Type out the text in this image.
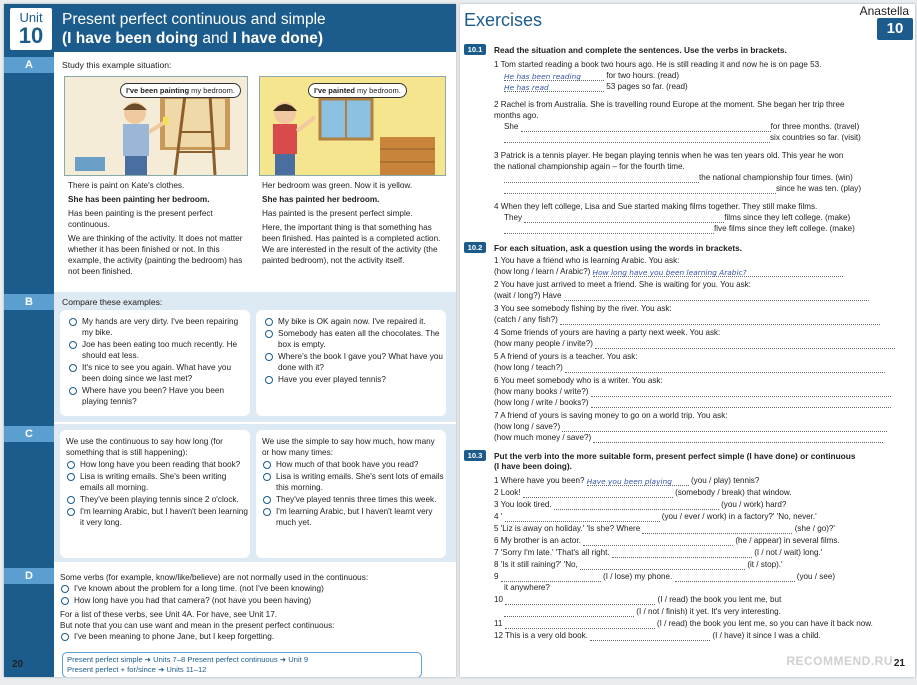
Unit
10
Present perfect continuous and simple
(I have been doing and I have done)
A	Study this example situation:
I've been painting my bedroom.	I've painted my bedroom.

There is paint on Kate's clothes.

She has been painting her bedroom.

Has been painting is the present perfect continuous.

We are thinking of the activity. It does not matter whether it has been finished or not. In this example, the activity (painting the bedroom) has not been finished.

Her bedroom was green. Now it is yellow.

She has painted her bedroom.

Has painted is the present perfect simple.

Here, the important thing is that something has been finished. Has painted is a completed action. We are interested in the result of the activity (the painted bedroom), not the activity itself.

B	Compare these examples:
My hands are very dirty. I've been repairing my bike.
Joe has been eating too much recently. He should eat less.
It's nice to see you again. What have you been doing since we last met?
Where have you been? Have you been playing tennis?
My bike is OK again now. I've repaired it.
Somebody has eaten all the chocolates. The box is empty.
Where's the book I gave you? What have you done with it?
Have you ever played tennis?
C
We use the continuous to say how long (for something that is still happening):
How long have you been reading that book?
Lisa is writing emails. She's been writing emails all morning.
They've been playing tennis since 2 o'clock.
I'm learning Arabic, but I haven't been learning it very long.
We use the simple to say how much, how many or how many times:
How much of that book have you read?
Lisa is writing emails. She's sent lots of emails this morning.
They've played tennis three times this week.
I'm learning Arabic, but I haven't learnt very much yet.
D	Some verbs (for example, know/like/believe) are not normally used in the continuous:
I've known about the problem for a long time. (not I've been knowing)
How long have you had that camera? (not have you been having)
For a list of these verbs, see Unit 4A. For have, see Unit 17.
But note that you can use want and mean in the present perfect continuous:
I've been meaning to phone Jane, but I keep forgetting.
Present perfect simple ➜ Units 7–8 Present perfect continuous ➜ Unit 9
Present perfect + for/since ➜ Units 11–12
20
Exercises	Anastella
10
10.1	Read the situation and complete the sentences. Use the verbs in brackets.
1 Tom started reading a book two hours ago. He is still reading it and now he is on page 53.
He has been reading	for two hours. (read)
He has read	53 pages so far. (read)
2 Rachel is from Australia. She is travelling round Europe at the moment. She began her trip three
months ago.
She	for three months. (travel)
six countries so far. (visit)
3 Patrick is a tennis player. He began playing tennis when he was ten years old. This year he won
the national championship again – for the fourth time.
the national championship four times. (win)
since he was ten. (play)
4 When they left college, Lisa and Sue started making films together. They still make films.
They	films since they left college. (make)
five films since they left college. (make)
10.2	For each situation, ask a question using the words in brackets.
1 You have a friend who is learning Arabic. You ask:
(how long / learn / Arabic?) How long have you been learning Arabic?
2 You have just arrived to meet a friend. She is waiting for you. You ask:
(wait / long?) Have
3 You see somebody fishing by the river. You ask:
(catch / any fish?)
4 Some friends of yours are having a party next week. You ask:
(how many people / invite?)
5 A friend of yours is a teacher. You ask:
(how long / teach?)
6 You meet somebody who is a writer. You ask:
(how many books / write?)
(how long / write / books?)
7 A friend of yours is saving money to go on a world trip. You ask:
(how long / save?)
(how much money / save?)
10.3	Put the verb into the more suitable form, present perfect simple (I have done) or continuous
(I have been doing).
1 Where have you been? Have you been playing (you / play) tennis?
2 Look!	(somebody / break) that window.
3 You look tired.	(you / work) hard?
4 '	(you / ever / work) in a factory?' 'No, never.'
5 'Liz is away on holiday.' 'Is she? Where	(she / go)?'
6 My brother is an actor.	(he / appear) in several films.
7 'Sorry I'm late.' 'That's all right.	(I / not / wait) long.'
8 'Is it still raining?' 'No,	(it / stop).'
9	(I / lose) my phone.	(you / see)
it anywhere?
10	(I / read) the book you lent me, but
(I / not / finish) it yet. It's very interesting.
11	(I / read) the book you lent me, so you can have it back now.
12 This is a very old book.	(I / have) it since I was a child.
RECOMMEND.RU 21
